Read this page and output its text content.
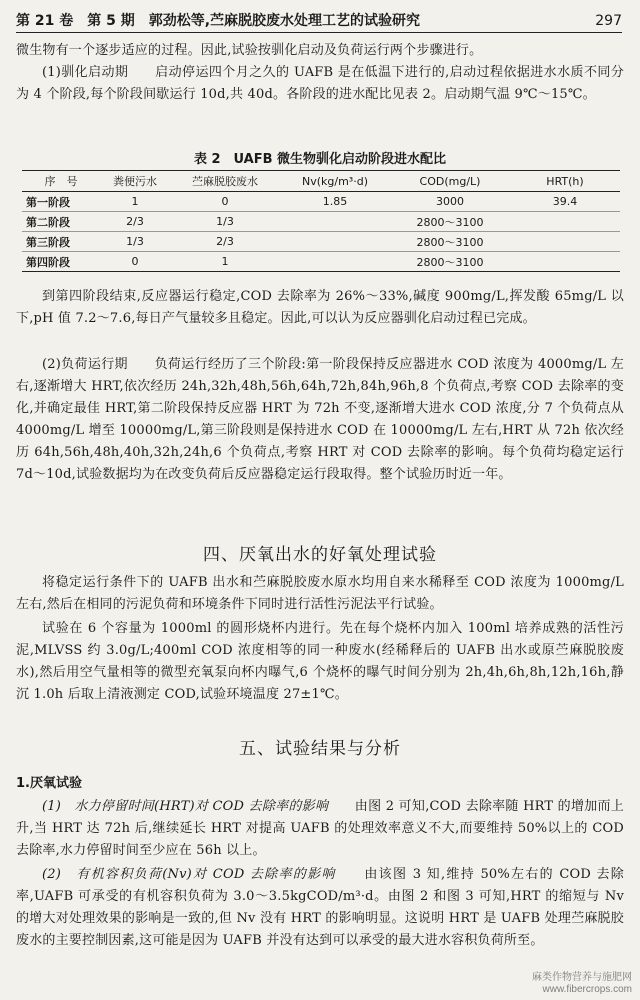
第 21 卷　第 5 期　郭劲松等,苎麻脱胶废水处理工艺的试验研究	297

微生物有一个逐步适应的过程。因此,试验按驯化启动及负荷运行两个步骤进行。

(1)驯化启动期　　启动停运四个月之久的 UAFB 是在低温下进行的,启动过程依据进水水质不同分为 4 个阶段,每个阶段间歇运行 10d,共 40d。各阶段的进水配比见表 2。启动期气温 9℃～15℃。

表 2　UAFB 微生物驯化启动阶段进水配比
序　号	粪便污水	苎麻脱胶废水	Nv(kg/m³·d)	COD(mg/L)	HRT(h)
第一阶段	1	0	1.85	3000	39.4
第二阶段	2/3	1/3		2800～3100	
第三阶段	1/3	2/3		2800～3100	
第四阶段	0	1		2800～3100	

到第四阶段结束,反应器运行稳定,COD 去除率为 26%～33%,碱度 900mg/L,挥发酸 65mg/L 以下,pH 值 7.2～7.6,每日产气量较多且稳定。因此,可以认为反应器驯化启动过程已完成。

(2)负荷运行期　　负荷运行经历了三个阶段:第一阶段保持反应器进水 COD 浓度为 4000mg/L 左右,逐渐增大 HRT,依次经历 24h,32h,48h,56h,64h,72h,84h,96h,8 个负荷点,考察 COD 去除率的变化,并确定最佳 HRT,第二阶段保持反应器 HRT 为 72h 不变,逐渐增大进水 COD 浓度,分 7 个负荷点从 4000mg/L 增至 10000mg/L,第三阶段则是保持进水 COD 在 10000mg/L 左右,HRT 从 72h 依次经历 64h,56h,48h,40h,32h,24h,6 个负荷点,考察 HRT 对 COD 去除率的影响。每个负荷均稳定运行 7d～10d,试验数据均为在改变负荷后反应器稳定运行段取得。整个试验历时近一年。

四、厌氧出水的好氧处理试验

将稳定运行条件下的 UAFB 出水和苎麻脱胶废水原水均用自来水稀释至 COD 浓度为 1000mg/L 左右,然后在相同的污泥负荷和环境条件下同时进行活性污泥法平行试验。

试验在 6 个容量为 1000ml 的圆形烧杯内进行。先在每个烧杯内加入 100ml 培养成熟的活性污泥,MLVSS 约 3.0g/L;400ml COD 浓度相等的同一种废水(经稀释后的 UAFB 出水或原苎麻脱胶废水),然后用空气量相等的微型充氧泵向杯内曝气,6 个烧杯的曝气时间分别为 2h,4h,6h,8h,12h,16h,静沉 1.0h 后取上清液测定 COD,试验环境温度 27±1℃。

五、试验结果与分析
1.厌氧试验

(1)　水力停留时间(HRT)对 COD 去除率的影响　　由图 2 可知,COD 去除率随 HRT 的增加而上升,当 HRT 达 72h 后,继续延长 HRT 对提高 UAFB 的处理效率意义不大,而要维持 50%以上的 COD 去除率,水力停留时间至少应在 56h 以上。

(2)　有机容积负荷(Nv)对 COD 去除率的影响　　由该图 3 知,维持 50%左右的 COD 去除率,UAFB 可承受的有机容积负荷为 3.0～3.5kgCOD/m³·d。由图 2 和图 3 可知,HRT 的缩短与 Nv 的增大对处理效果的影响是一致的,但 Nv 没有 HRT 的影响明显。这说明 HRT 是 UAFB 处理苎麻脱胶废水的主要控制因素,这可能是因为 UAFB 并没有达到可以承受的最大进水容积负荷所至。

麻类作物营养与施肥网
www.fibercrops.com
